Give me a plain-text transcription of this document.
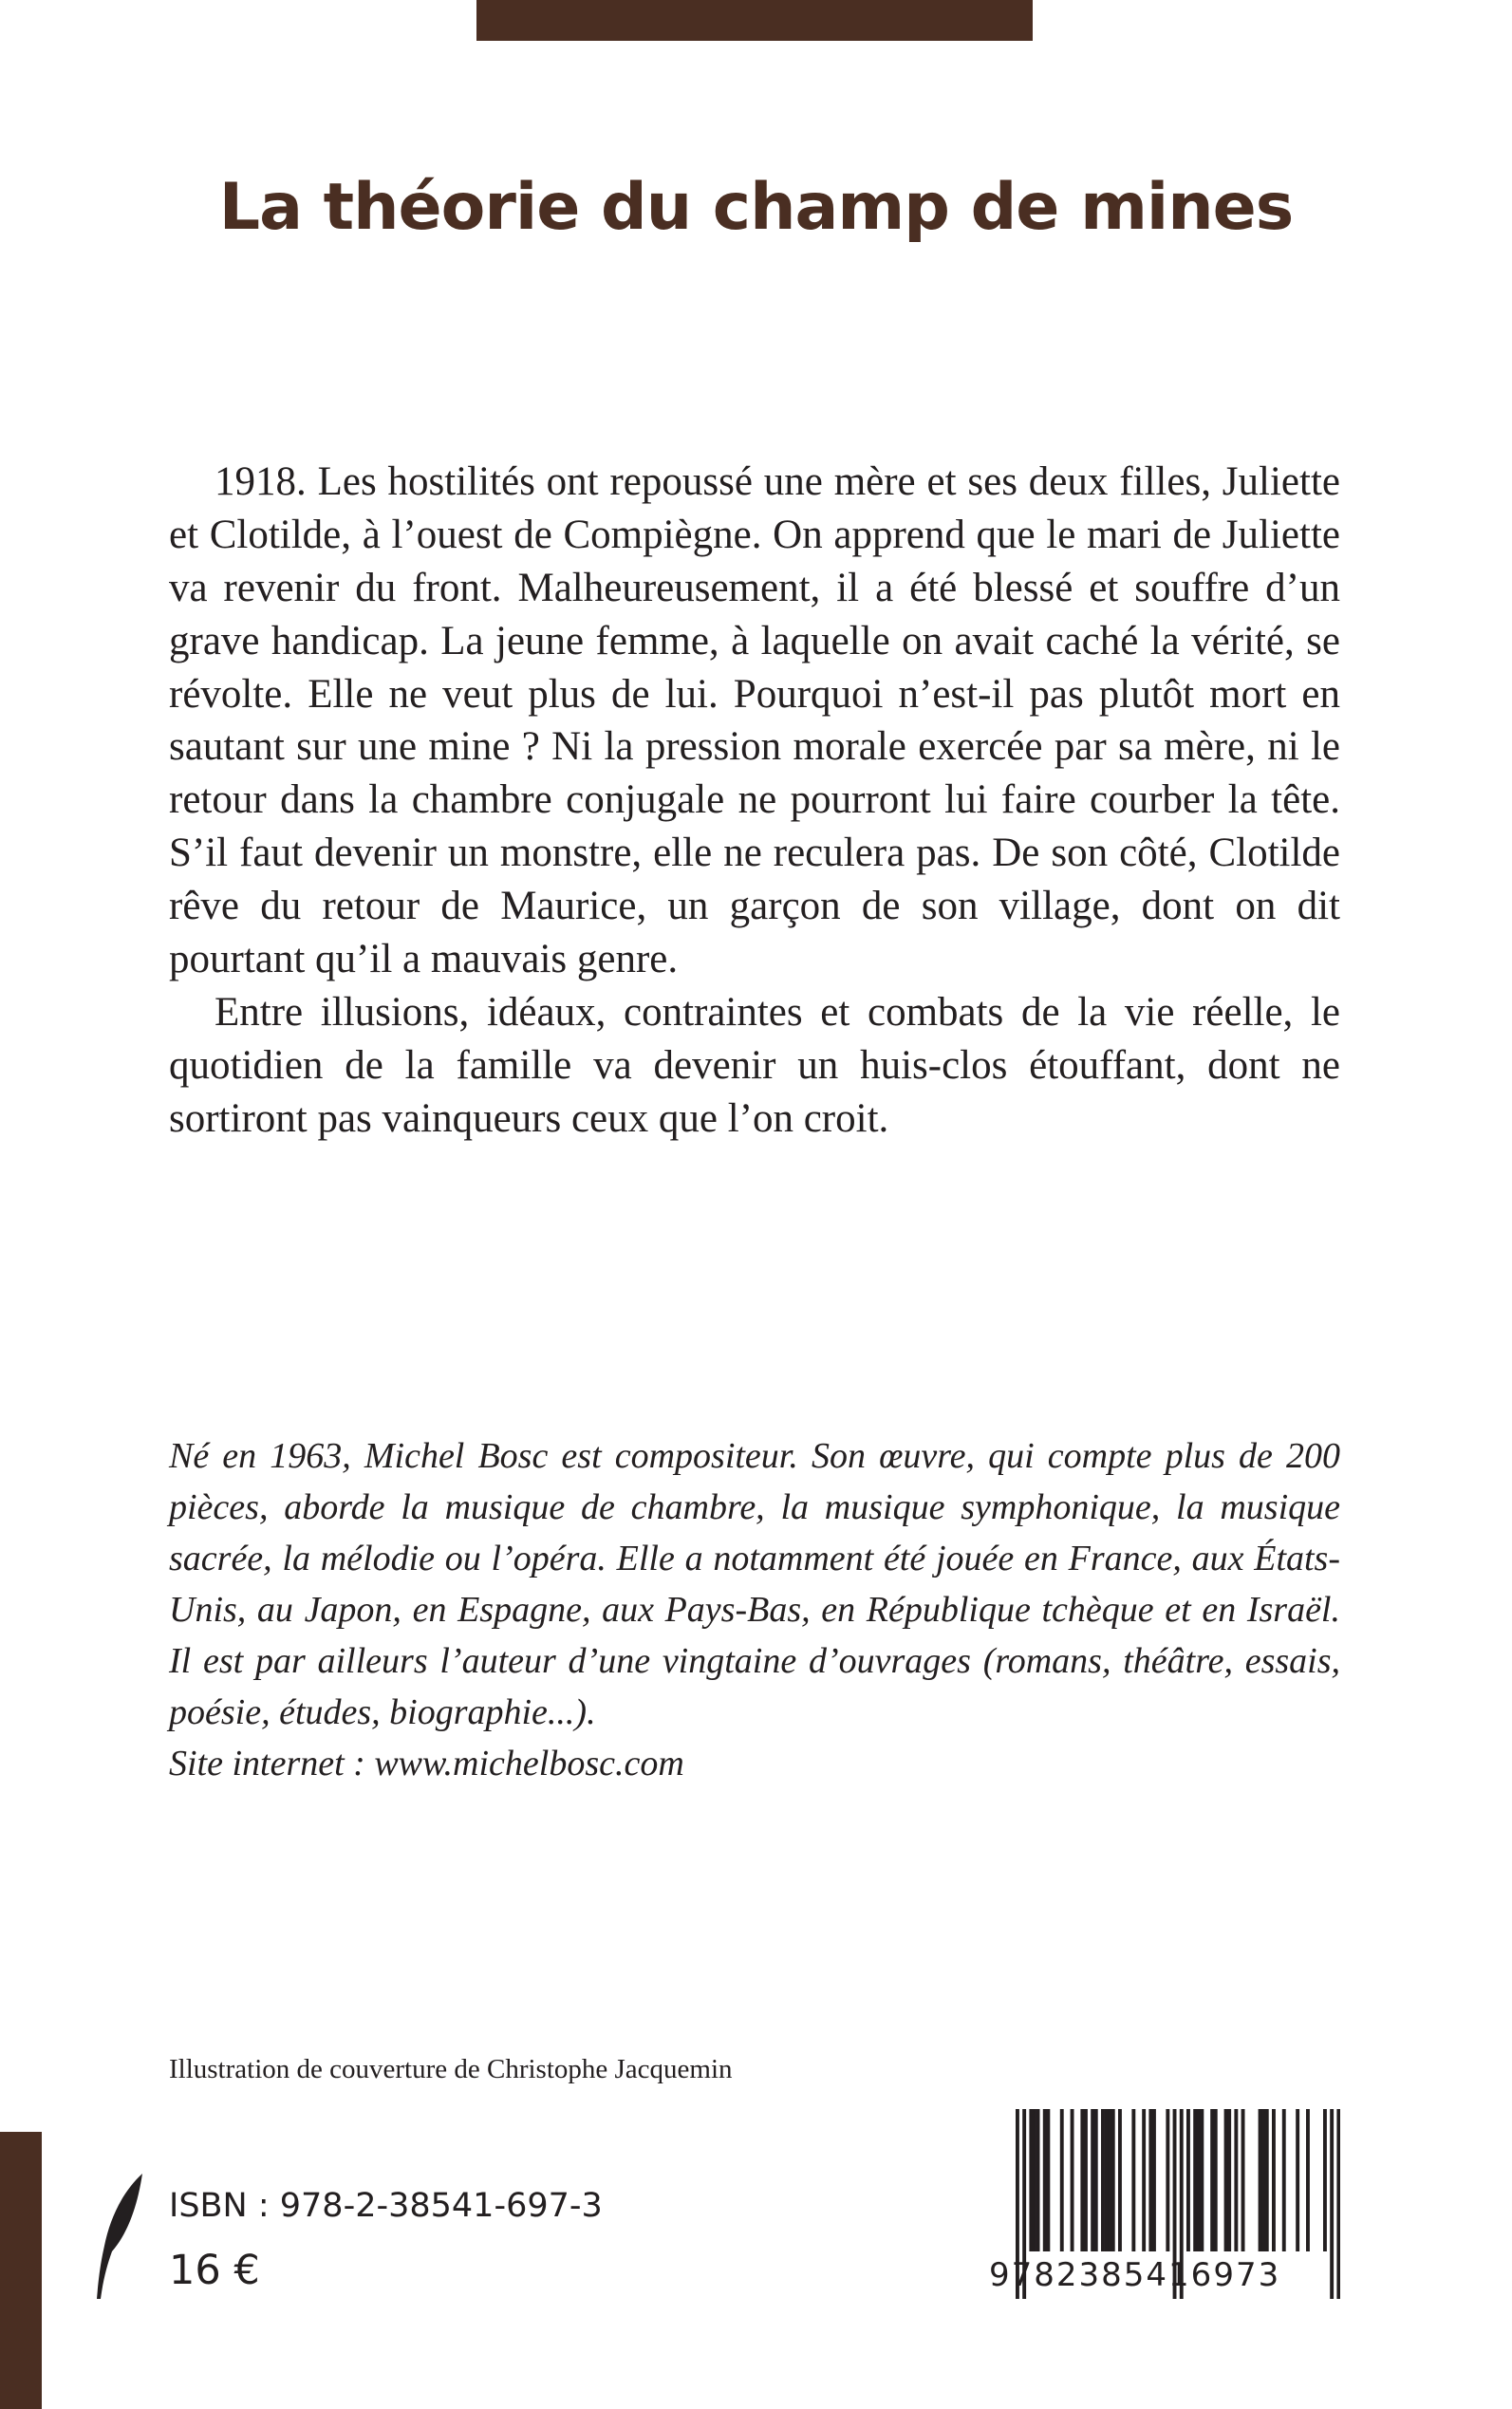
La théorie du champ de mines

1918. Les hostilités ont repoussé une mère et ses deux filles, Juliette et Clotilde, à l’ouest de Compiègne. On apprend que le mari de Juliette va revenir du front. Malheureusement, il a été blessé et souffre d’un grave handicap. La jeune femme, à laquelle on avait caché la vérité, se révolte. Elle ne veut plus de lui. Pourquoi n’est-il pas plutôt mort en sautant sur une mine ? Ni la pression morale exercée par sa mère, ni le retour dans la chambre conjugale ne pourront lui faire courber la tête. S’il faut devenir un monstre, elle ne reculera pas. De son côté, Clotilde rêve du retour de Maurice, un garçon de son village, dont on dit pourtant qu’il a mauvais genre.

Entre illusions, idéaux, contraintes et combats de la vie réelle, le quotidien de la famille va devenir un huis-clos étouffant, dont ne sortiront pas vainqueurs ceux que l’on croit.

Né en 1963, Michel Bosc est compositeur. Son œuvre, qui compte plus de 200 pièces, aborde la musique de chambre, la musique symphonique, la musique sacrée, la mélodie ou l’opéra. Elle a notamment été jouée en France, aux États-Unis, au Japon, en Espagne, aux Pays-Bas, en République tchèque et en Israël. Il est par ailleurs l’auteur d’une vingtaine d’ouvrages (romans, théâtre, essais, poésie, études, biographie...).
Site internet : www.michelbosc.com

Illustration de couverture de Christophe Jacquemin

ISBN : 978-2-38541-697-3

16 €	9782385416973
